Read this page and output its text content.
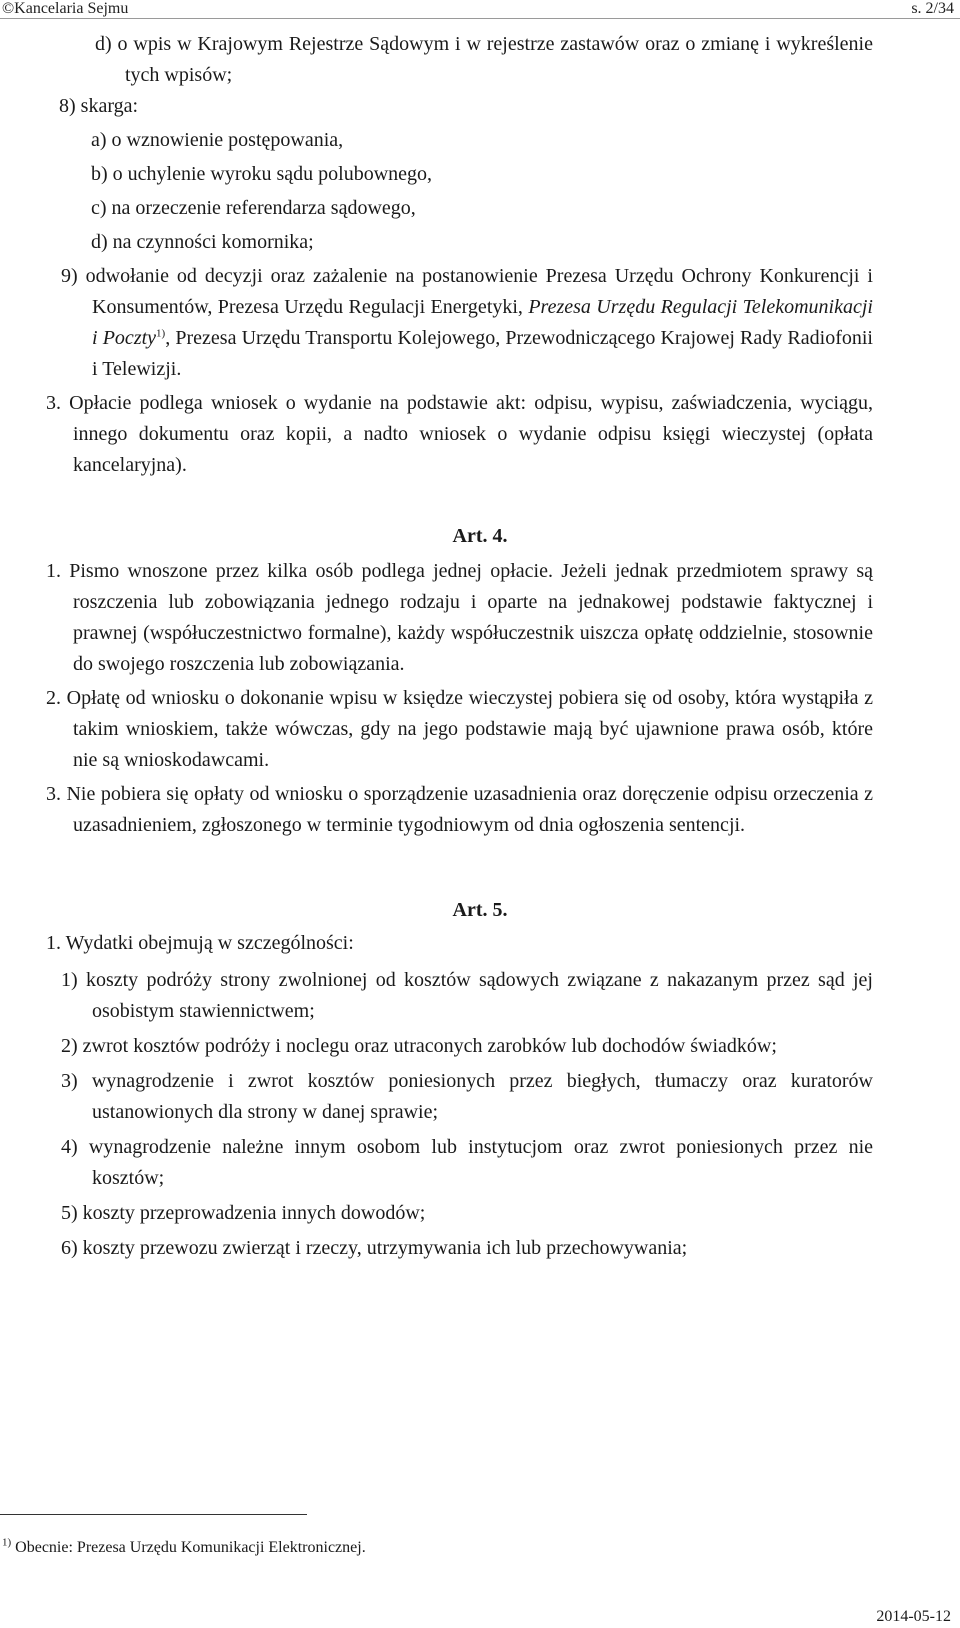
©Kancelaria Sejmu	s. 2/34

d) o wpis w Krajowym Rejestrze Sądowym i w rejestrze zastawów oraz o zmianę i wykreślenie tych wpisów;

8) skarga:

a) o wznowienie postępowania,

b) o uchylenie wyroku sądu polubownego,

c) na orzeczenie referendarza sądowego,

d) na czynności komornika;

9) odwołanie od decyzji oraz zażalenie na postanowienie Prezesa Urzędu Ochrony Konkurencji i Konsumentów, Prezesa Urzędu Regulacji Energetyki, Prezesa Urzędu Regulacji Telekomunikacji i Poczty$^{1)}$, Prezesa Urzędu Transportu Kolejowego, Przewodniczącego Krajowej Rady Radiofonii i Telewizji.

3. Opłacie podlega wniosek o wydanie na podstawie akt: odpisu, wypisu, zaświadczenia, wyciągu, innego dokumentu oraz kopii, a nadto wniosek o wydanie odpisu księgi wieczystej (opłata kancelaryjna).

Art. 4.

1. Pismo wnoszone przez kilka osób podlega jednej opłacie. Jeżeli jednak przedmiotem sprawy są roszczenia lub zobowiązania jednego rodzaju i oparte na jednakowej podstawie faktycznej i prawnej (współuczestnictwo formalne), każdy współuczestnik uiszcza opłatę oddzielnie, stosownie do swojego roszczenia lub zobowiązania.

2. Opłatę od wniosku o dokonanie wpisu w księdze wieczystej pobiera się od osoby, która wystąpiła z takim wnioskiem, także wówczas, gdy na jego podstawie mają być ujawnione prawa osób, które nie są wnioskodawcami.

3. Nie pobiera się opłaty od wniosku o sporządzenie uzasadnienia oraz doręczenie odpisu orzeczenia z uzasadnieniem, zgłoszonego w terminie tygodniowym od dnia ogłoszenia sentencji.

Art. 5.

1. Wydatki obejmują w szczególności:

1) koszty podróży strony zwolnionej od kosztów sądowych związane z nakazanym przez sąd jej osobistym stawiennictwem;

2) zwrot kosztów podróży i noclegu oraz utraconych zarobków lub dochodów świadków;

3) wynagrodzenie i zwrot kosztów poniesionych przez biegłych, tłumaczy oraz kuratorów ustanowionych dla strony w danej sprawie;

4) wynagrodzenie należne innym osobom lub instytucjom oraz zwrot poniesionych przez nie kosztów;

5) koszty przeprowadzenia innych dowodów;

6) koszty przewozu zwierząt i rzeczy, utrzymywania ich lub przechowywania;

$^{1)}$ Obecnie: Prezesa Urzędu Komunikacji Elektronicznej.
2014-05-12
